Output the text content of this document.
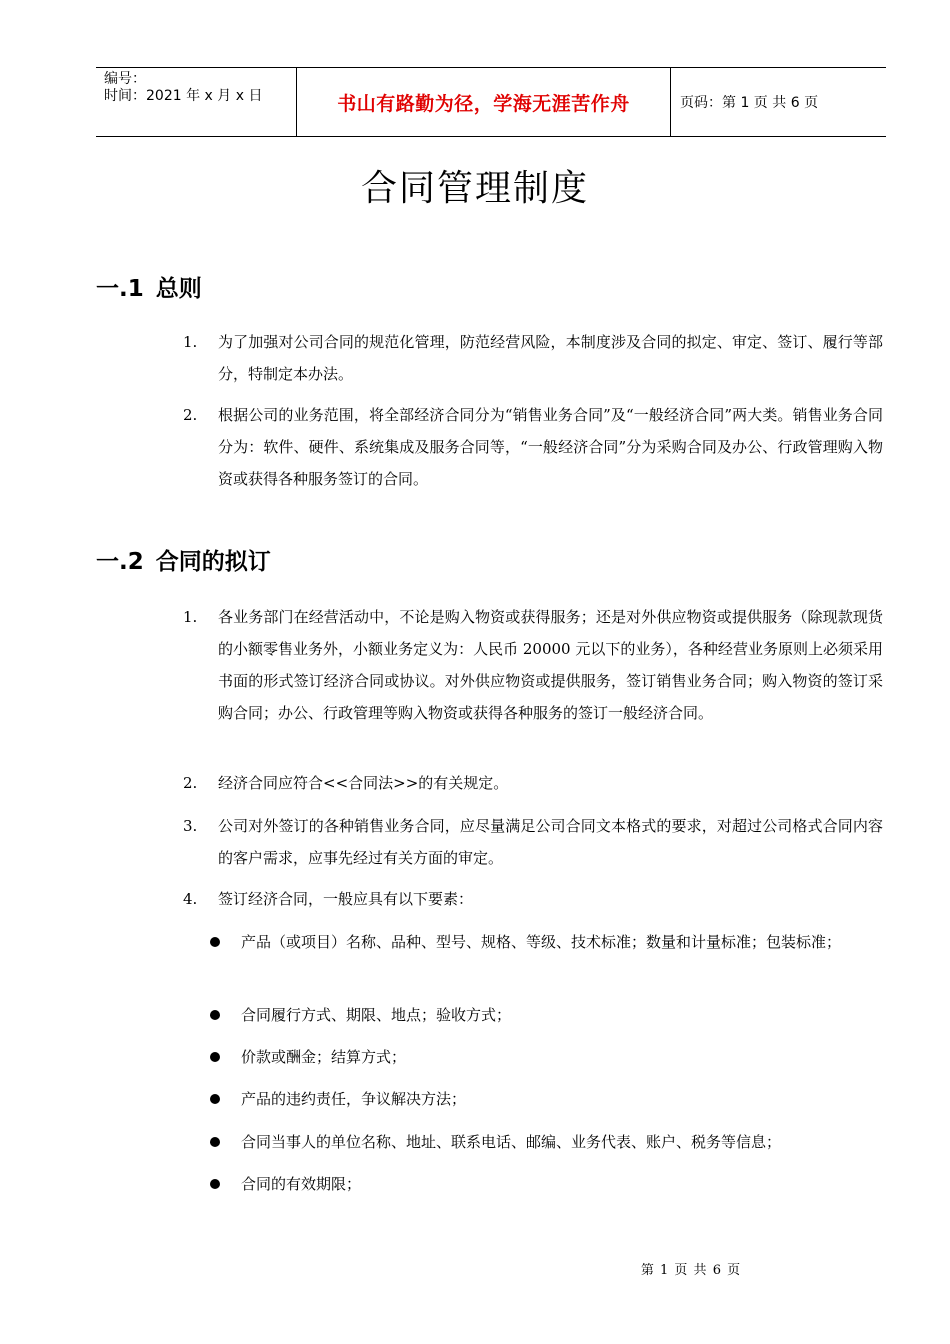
编号：
时间：2021 年 x 月 x 日	书山有路勤为径，学海无涯苦作舟	页码：第 1 页 共 6 页
合同管理制度
一.1 总则
1. 为了加强对公司合同的规范化管理，防范经营风险，本制度涉及合同的拟定、审定、签订、履行等部分，特制定本办法。
2. 根据公司的业务范围，将全部经济合同分为“销售业务合同”及“一般经济合同”两大类。销售业务合同分为：软件、硬件、系统集成及服务合同等，“一般经济合同”分为采购合同及办公、行政管理购入物资或获得各种服务签订的合同。
一.2 合同的拟订
1. 各业务部门在经营活动中，不论是购入物资或获得服务；还是对外供应物资或提供服务（除现款现货的小额零售业务外，小额业务定义为：人民币 20000 元以下的业务），各种经营业务原则上必须采用书面的形式签订经济合同或协议。对外供应物资或提供服务，签订销售业务合同；购入物资的签订采购合同；办公、行政管理等购入物资或获得各种服务的签订一般经济合同。
2. 经济合同应符合<<合同法>>的有关规定。
3. 公司对外签订的各种销售业务合同，应尽量满足公司合同文本格式的要求，对超过公司格式合同内容的客户需求，应事先经过有关方面的审定。
4. 签订经济合同，一般应具有以下要素：
产品（或项目）名称、品种、型号、规格、等级、技术标准；数量和计量标准；包装标准；
合同履行方式、期限、地点；验收方式；
价款或酬金；结算方式；
产品的违约责任，争议解决方法；
合同当事人的单位名称、地址、联系电话、邮编、业务代表、账户、税务等信息；
合同的有效期限；
第 1 页 共 6 页
